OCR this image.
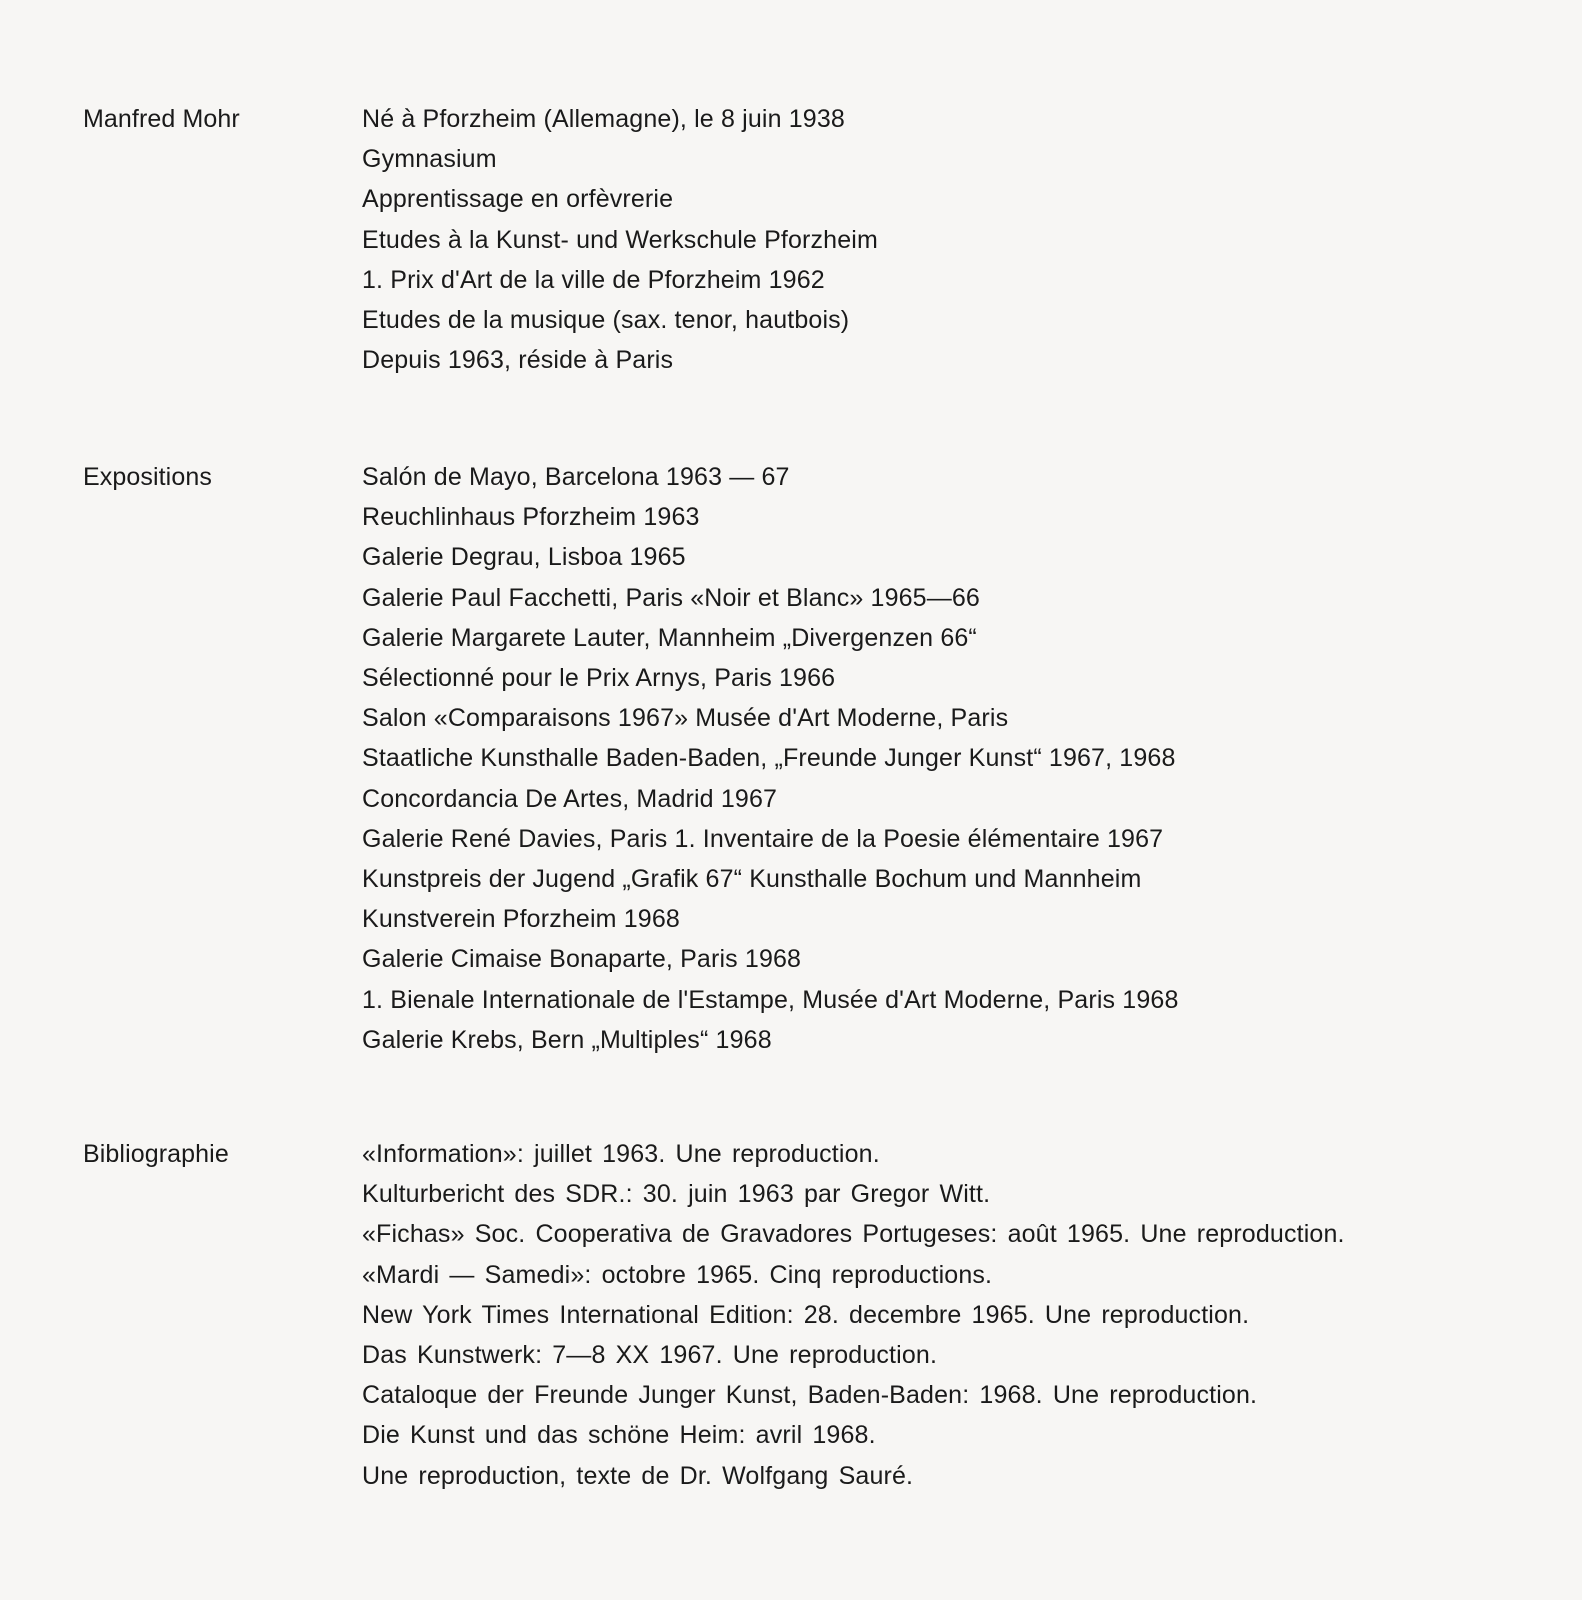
Manfred Mohr	Né à Pforzheim (Allemagne), le 8 juin 1938
Gymnasium
Apprentissage en orfèvrerie
Etudes à la Kunst- und Werkschule Pforzheim
1. Prix d'Art de la ville de Pforzheim 1962
Etudes de la musique (sax. tenor, hautbois)
Depuis 1963, réside à Paris
Expositions	Salón de Mayo, Barcelona 1963 — 67
Reuchlinhaus Pforzheim 1963
Galerie Degrau, Lisboa 1965
Galerie Paul Facchetti, Paris «Noir et Blanc» 1965—66
Galerie Margarete Lauter, Mannheim „Divergenzen 66“
Sélectionné pour le Prix Arnys, Paris 1966
Salon «Comparaisons 1967» Musée d'Art Moderne, Paris
Staatliche Kunsthalle Baden-Baden, „Freunde Junger Kunst“ 1967, 1968
Concordancia De Artes, Madrid 1967
Galerie René Davies, Paris 1. Inventaire de la Poesie élémentaire 1967
Kunstpreis der Jugend „Grafik 67“ Kunsthalle Bochum und Mannheim
Kunstverein Pforzheim 1968
Galerie Cimaise Bonaparte, Paris 1968
1. Bienale Internationale de l'Estampe, Musée d'Art Moderne, Paris 1968
Galerie Krebs, Bern „Multiples“ 1968
Bibliographie	«Information»: juillet 1963. Une reproduction.
Kulturbericht des SDR.: 30. juin 1963 par Gregor Witt.
«Fichas» Soc. Cooperativa de Gravadores Portugeses: août 1965. Une reproduction.
«Mardi — Samedi»: octobre 1965. Cinq reproductions.
New York Times International Edition: 28. decembre 1965. Une reproduction.
Das Kunstwerk: 7—8 XX 1967. Une reproduction.
Cataloque der Freunde Junger Kunst, Baden-Baden: 1968. Une reproduction.
Die Kunst und das schöne Heim: avril 1968.
Une reproduction, texte de Dr. Wolfgang Sauré.
